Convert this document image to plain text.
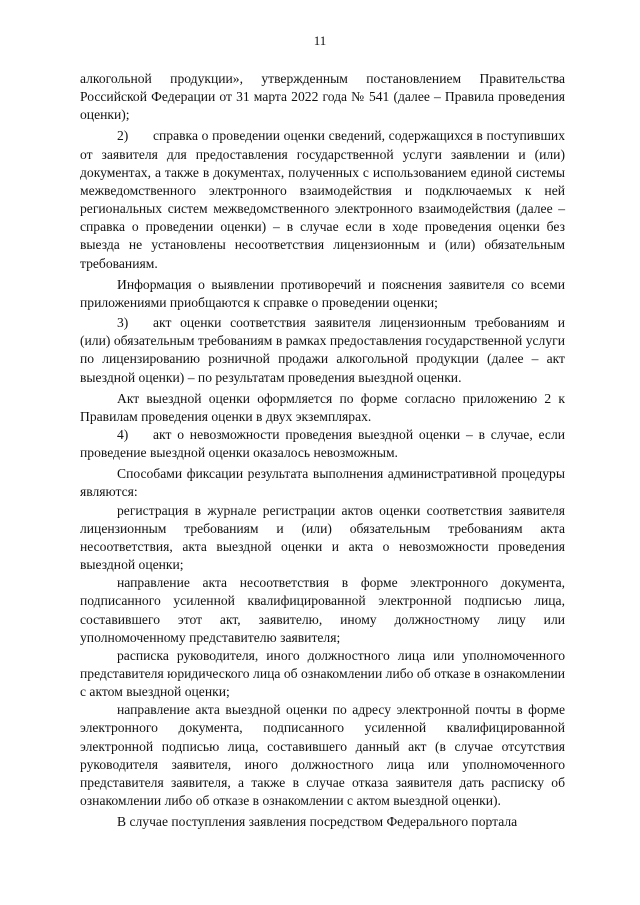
11

алкогольной продукции», утвержденным постановлением Правительства Российской Федерации от 31 марта 2022 года № 541 (далее – Правила проведения оценки);

2) справка о проведении оценки сведений, содержащихся в поступивших от заявителя для предоставления государственной услуги заявлении и (или) документах, а также в документах, полученных с использованием единой системы межведомственного электронного взаимодействия и подключаемых к ней региональных систем межведомственного электронного взаимодействия (далее – справка о проведении оценки) – в случае если в ходе проведения оценки без выезда не установлены несоответствия лицензионным и (или) обязательным требованиям.

Информация о выявлении противоречий и пояснения заявителя со всеми приложениями приобщаются к справке о проведении оценки;

3) акт оценки соответствия заявителя лицензионным требованиям и (или) обязательным требованиям в рамках предоставления государственной услуги по лицензированию розничной продажи алкогольной продукции (далее – акт выездной оценки) – по результатам проведения выездной оценки.

Акт выездной оценки оформляется по форме согласно приложению 2 к Правилам проведения оценки в двух экземплярах.

4) акт о невозможности проведения выездной оценки – в случае, если проведение выездной оценки оказалось невозможным.

Способами фиксации результата выполнения административной процедуры являются:

регистрация в журнале регистрации актов оценки соответствия заявителя лицензионным требованиям и (или) обязательным требованиям акта несоответствия, акта выездной оценки и акта о невозможности проведения выездной оценки;

направление акта несоответствия в форме электронного документа, подписанного усиленной квалифицированной электронной подписью лица, составившего этот акт, заявителю, иному должностному лицу или уполномоченному представителю заявителя;

расписка руководителя, иного должностного лица или уполномоченного представителя юридического лица об ознакомлении либо об отказе в ознакомлении с актом выездной оценки;

направление акта выездной оценки по адресу электронной почты в форме электронного документа, подписанного усиленной квалифицированной электронной подписью лица, составившего данный акт (в случае отсутствия руководителя заявителя, иного должностного лица или уполномоченного представителя заявителя, а также в случае отказа заявителя дать расписку об ознакомлении либо об отказе в ознакомлении с актом выездной оценки).

В случае поступления заявления посредством Федерального портала
